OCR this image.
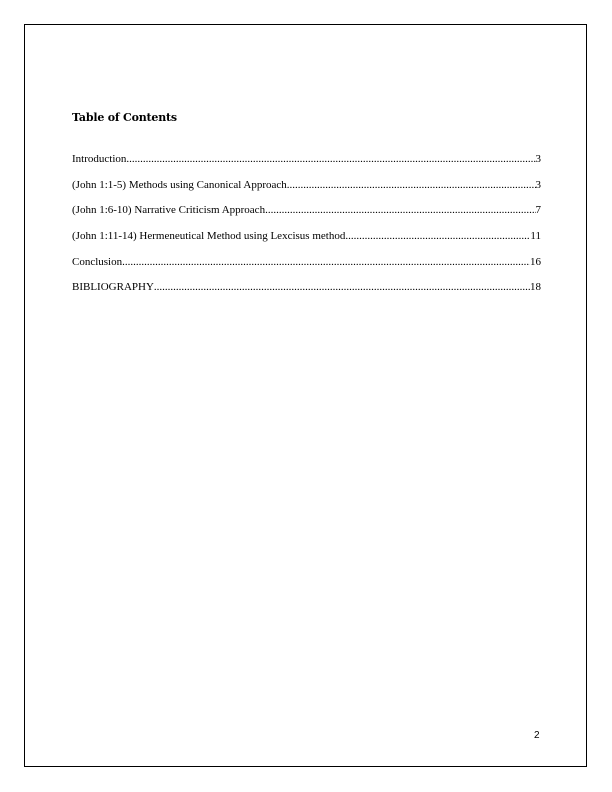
Table of Contents
Introduction .....	3
(John 1:1-5) Methods using Canonical Approach .....	3
(John 1:6-10) Narrative Criticism Approach .....	7
(John 1:11-14) Hermeneutical Method using Lexcisus method .....	11
Conclusion .....	16
BIBLIOGRAPHY .....	18
2
